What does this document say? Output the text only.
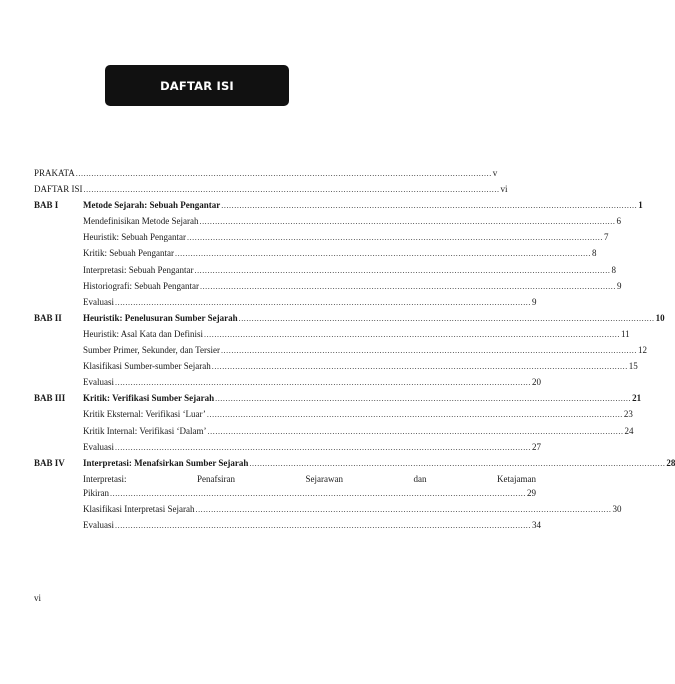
DAFTAR ISI
PRAKATA .....	v
DAFTAR ISI .....	vi
BAB I	Metode Sejarah: Sebuah Pengantar .....	1
Mendefinisikan Metode Sejarah .....	6
Heuristik: Sebuah Pengantar .....	7
Kritik: Sebuah Pengantar .....	8
Interpretasi: Sebuah Pengantar .....	8
Historiografi: Sebuah Pengantar .....	9
Evaluasi .....	9
BAB II	Heuristik: Penelusuran Sumber Sejarah .....	10
Heuristik: Asal Kata dan Definisi .....	11
Sumber Primer, Sekunder, dan Tersier .....	12
Klasifikasi Sumber-sumber Sejarah .....	15
Evaluasi .....	20
BAB III	Kritik: Verifikasi Sumber Sejarah .....	21
Kritik Eksternal: Verifikasi ‘Luar’ .....	23
Kritik Internal: Verifikasi ‘Dalam’ .....	24
Evaluasi .....	27
BAB IV	Interpretasi: Menafsirkan Sumber Sejarah .....	28
Interpretasi: Penafsiran Sejarawan dan Ketajaman
Pikiran .....	29
Klasifikasi Interpretasi Sejarah .....	30
Evaluasi .....	34
vi
